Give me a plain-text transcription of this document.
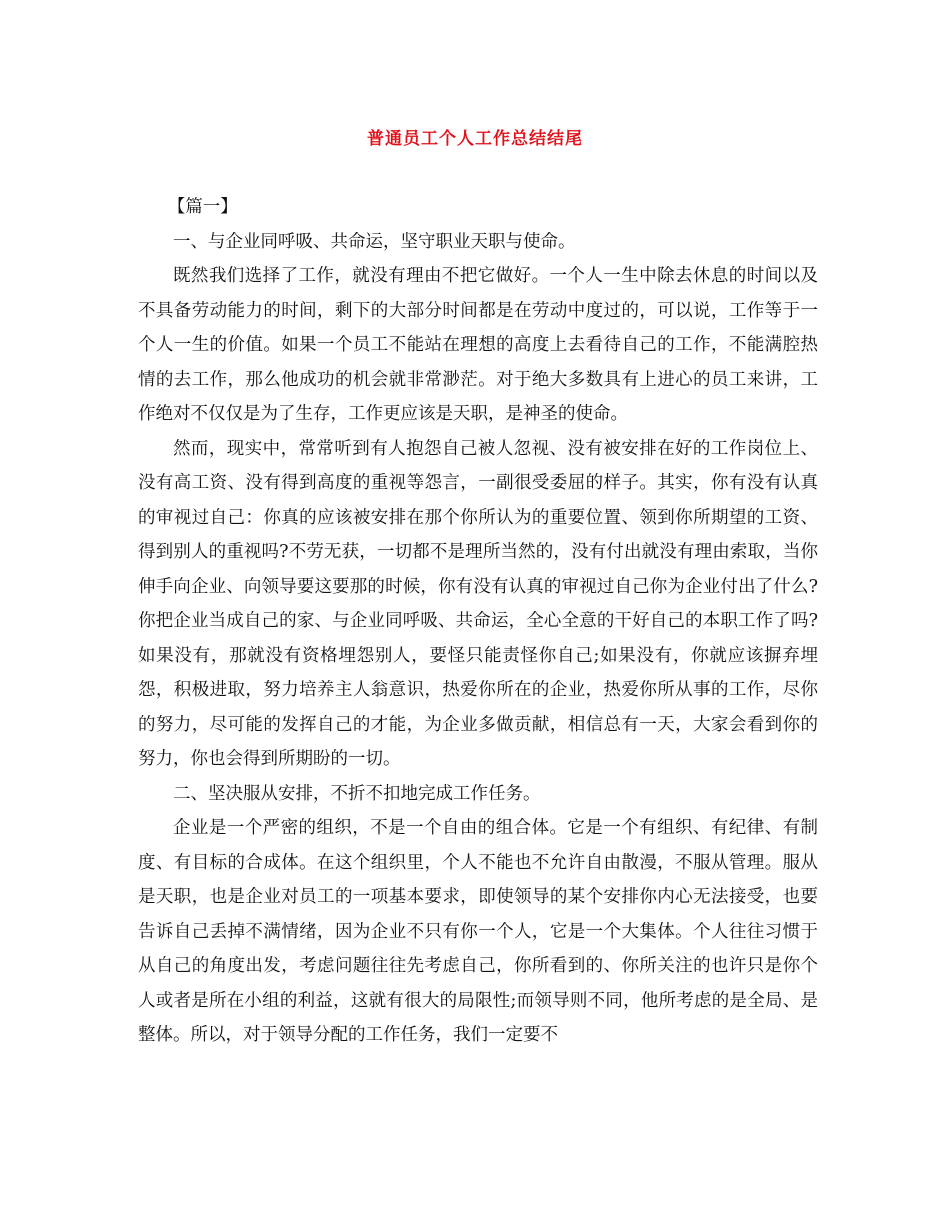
普通员工个人工作总结结尾

【篇一】

一、与企业同呼吸、共命运，坚守职业天职与使命。

既然我们选择了工作，就没有理由不把它做好。一个人一生中除去休息的时间以及不具备劳动能力的时间，剩下的大部分时间都是在劳动中度过的，可以说，工作等于一个人一生的价值。如果一个员工不能站在理想的高度上去看待自己的工作，不能满腔热情的去工作，那么他成功的机会就非常渺茫。对于绝大多数具有上进心的员工来讲，工作绝对不仅仅是为了生存，工作更应该是天职，是神圣的使命。

然而，现实中，常常听到有人抱怨自己被人忽视、没有被安排在好的工作岗位上、没有高工资、没有得到高度的重视等怨言，一副很受委屈的样子。其实，你有没有认真的审视过自己：你真的应该被安排在那个你所认为的重要位置、领到你所期望的工资、得到别人的重视吗?不劳无获，一切都不是理所当然的，没有付出就没有理由索取，当你伸手向企业、向领导要这要那的时候，你有没有认真的审视过自己你为企业付出了什么?你把企业当成自己的家、与企业同呼吸、共命运，全心全意的干好自己的本职工作了吗?如果没有，那就没有资格埋怨别人，要怪只能责怪你自己;如果没有，你就应该摒弃埋怨，积极进取，努力培养主人翁意识，热爱你所在的企业，热爱你所从事的工作，尽你的努力，尽可能的发挥自己的才能，为企业多做贡献，相信总有一天，大家会看到你的努力，你也会得到所期盼的一切。

二、坚决服从安排，不折不扣地完成工作任务。

企业是一个严密的组织，不是一个自由的组合体。它是一个有组织、有纪律、有制度、有目标的合成体。在这个组织里，个人不能也不允许自由散漫，不服从管理。服从是天职，也是企业对员工的一项基本要求，即使领导的某个安排你内心无法接受，也要告诉自己丢掉不满情绪，因为企业不只有你一个人，它是一个大集体。个人往往习惯于从自己的角度出发，考虑问题往往先考虑自己，你所看到的、你所关注的也许只是你个人或者是所在小组的利益，这就有很大的局限性;而领导则不同，他所考虑的是全局、是整体。所以，对于领导分配的工作任务，我们一定要不
